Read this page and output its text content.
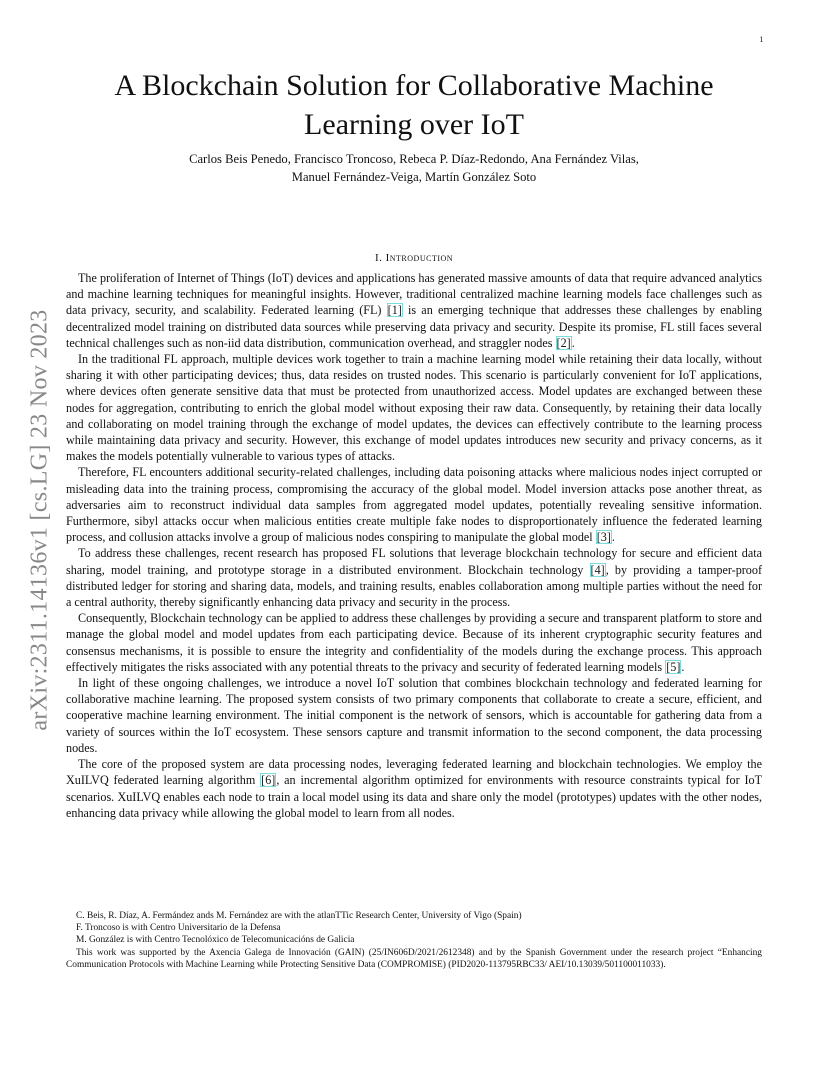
1
arXiv:2311.14136v1 [cs.LG] 23 Nov 2023
A Blockchain Solution for Collaborative Machine Learning over IoT
Carlos Beis Penedo, Francisco Troncoso, Rebeca P. Díaz-Redondo, Ana Fernández Vilas,
Manuel Fernández-Veiga, Martín González Soto
I. Introduction

The proliferation of Internet of Things (IoT) devices and applications has generated massive amounts of data that require advanced analytics and machine learning techniques for meaningful insights. However, traditional centralized machine learning models face challenges such as data privacy, security, and scalability. Federated learning (FL) [1] is an emerging technique that addresses these challenges by enabling decentralized model training on distributed data sources while preserving data privacy and security. Despite its promise, FL still faces several technical challenges such as non-iid data distribution, communication overhead, and straggler nodes [2].

In the traditional FL approach, multiple devices work together to train a machine learning model while retaining their data locally, without sharing it with other participating devices; thus, data resides on trusted nodes. This scenario is particularly convenient for IoT applications, where devices often generate sensitive data that must be protected from unauthorized access. Model updates are exchanged between these nodes for aggregation, contributing to enrich the global model without exposing their raw data. Consequently, by retaining their data locally and collaborating on model training through the exchange of model updates, the devices can effectively contribute to the learning process while maintaining data privacy and security. However, this exchange of model updates introduces new security and privacy concerns, as it makes the models potentially vulnerable to various types of attacks.

Therefore, FL encounters additional security-related challenges, including data poisoning attacks where malicious nodes inject corrupted or misleading data into the training process, compromising the accuracy of the global model. Model inversion attacks pose another threat, as adversaries aim to reconstruct individual data samples from aggregated model updates, potentially revealing sensitive information. Furthermore, sibyl attacks occur when malicious entities create multiple fake nodes to disproportionately influence the federated learning process, and collusion attacks involve a group of malicious nodes conspiring to manipulate the global model [3].

To address these challenges, recent research has proposed FL solutions that leverage blockchain technology for secure and efficient data sharing, model training, and prototype storage in a distributed environment. Blockchain technology [4], by providing a tamper-proof distributed ledger for storing and sharing data, models, and training results, enables collaboration among multiple parties without the need for a central authority, thereby significantly enhancing data privacy and security in the process.

Consequently, Blockchain technology can be applied to address these challenges by providing a secure and transparent platform to store and manage the global model and model updates from each participating device. Because of its inherent cryptographic security features and consensus mechanisms, it is possible to ensure the integrity and confidentiality of the models during the exchange process. This approach effectively mitigates the risks associated with any potential threats to the privacy and security of federated learning models [5].

In light of these ongoing challenges, we introduce a novel IoT solution that combines blockchain technology and federated learning for collaborative machine learning. The proposed system consists of two primary components that collaborate to create a secure, efficient, and cooperative machine learning environment. The initial component is the network of sensors, which is accountable for gathering data from a variety of sources within the IoT ecosystem. These sensors capture and transmit information to the second component, the data processing nodes.

The core of the proposed system are data processing nodes, leveraging federated learning and blockchain technologies. We employ the XuILVQ federated learning algorithm [6], an incremental algorithm optimized for environments with resource constraints typical for IoT scenarios. XuILVQ enables each node to train a local model using its data and share only the model (prototypes) updates with the other nodes, enhancing data privacy while allowing the global model to learn from all nodes.

C. Beis, R. Díaz, A. Fermández ands M. Fernández are with the atlanTTic Research Center, University of Vigo (Spain)

F. Troncoso is with Centro Universitario de la Defensa

M. González is with Centro Tecnolóxico de Telecomunicacións de Galicia

This work was supported by the Axencia Galega de Innovación (GAIN) (25/IN606D/2021/2612348) and by the Spanish Government under the research project “Enhancing Communication Protocols with Machine Learning while Protecting Sensitive Data (COMPROMISE) (PID2020-113795RBC33/ AEI/10.13039/501100011033).
